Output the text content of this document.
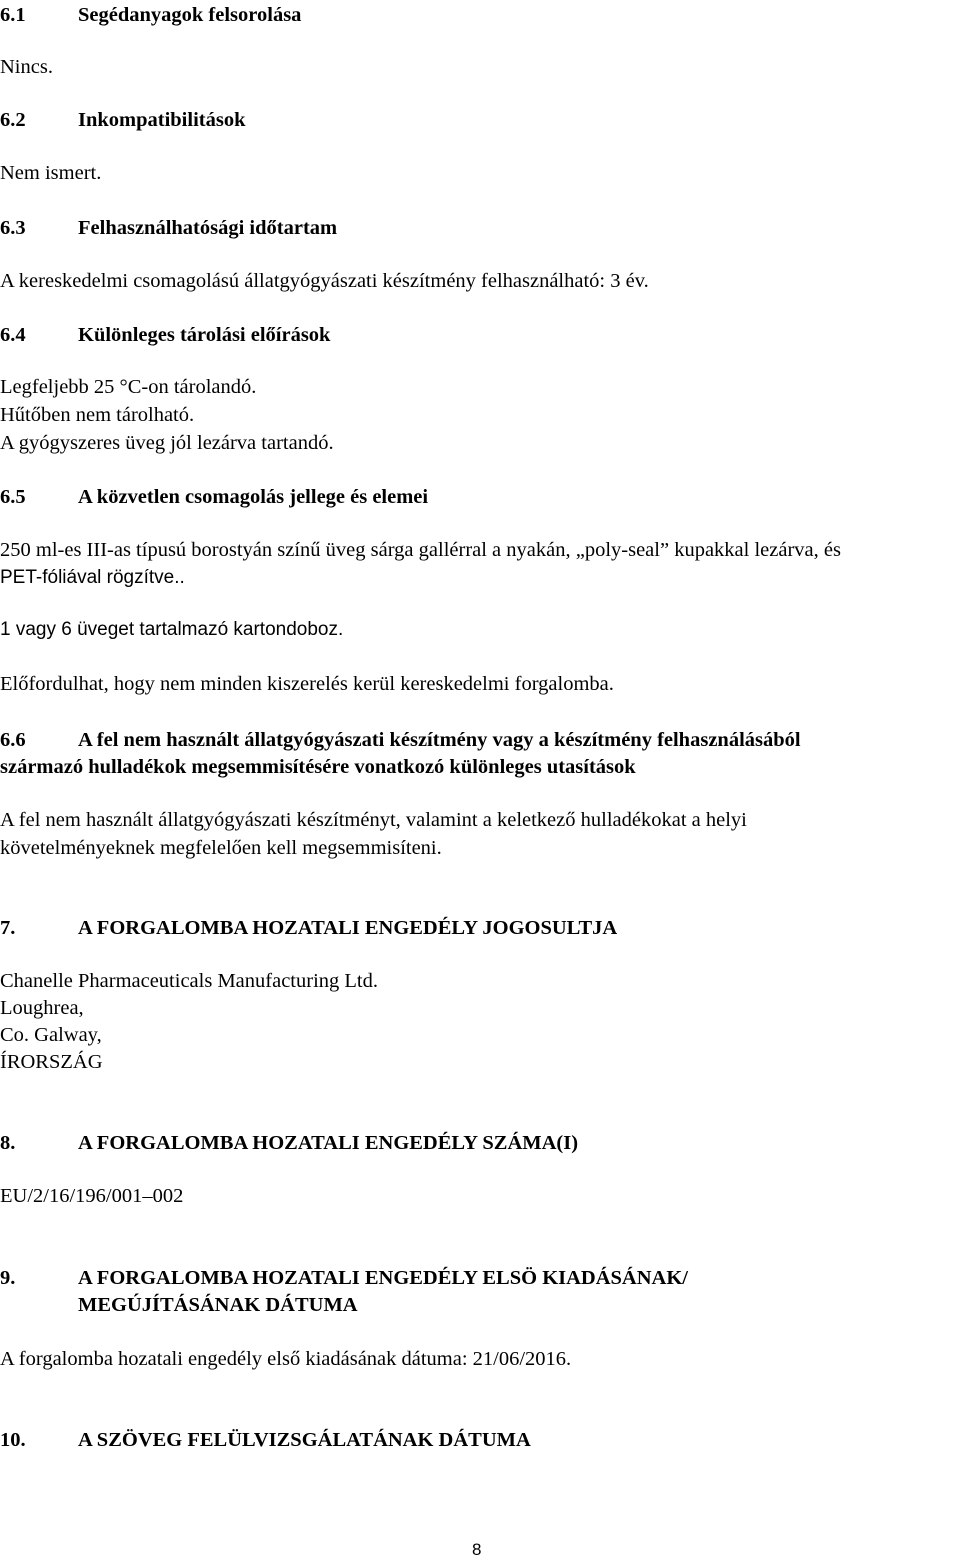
6.1	Segédanyagok felsorolása
Nincs.
6.2	Inkompatibilitások
Nem ismert.
6.3	Felhasználhatósági időtartam
A kereskedelmi csomagolású állatgyógyászati készítmény felhasználható: 3 év.
6.4	Különleges tárolási előírások
Legfeljebb 25 °C-on tárolandó.
Hűtőben nem tárolható.
A gyógyszeres üveg jól lezárva tartandó.
6.5	A közvetlen csomagolás jellege és elemei
250 ml-es III-as típusú borostyán színű üveg sárga gallérral a nyakán, „poly-seal” kupakkal lezárva, és
PET-fóliával rögzítve..
1 vagy 6 üveget tartalmazó kartondoboz.
Előfordulhat, hogy nem minden kiszerelés kerül kereskedelmi forgalomba.
6.6	A fel nem használt állatgyógyászati készítmény vagy a készítmény felhasználásából
származó hulladékok megsemmisítésére vonatkozó különleges utasítások
A fel nem használt állatgyógyászati készítményt, valamint a keletkező hulladékokat a helyi
követelményeknek megfelelően kell megsemmisíteni.
7.	A FORGALOMBA HOZATALI ENGEDÉLY JOGOSULTJA
Chanelle Pharmaceuticals Manufacturing Ltd.
Loughrea,
Co. Galway,
ÍRORSZÁG
8.	A FORGALOMBA HOZATALI ENGEDÉLY SZÁMA(I)
EU/2/16/196/001–002
9.	A FORGALOMBA HOZATALI ENGEDÉLY ELSÖ KIADÁSÁNAK/
MEGÚJÍTÁSÁNAK DÁTUMA
A forgalomba hozatali engedély első kiadásának dátuma: 21/06/2016.
10.	A SZÖVEG FELÜLVIZSGÁLATÁNAK DÁTUMA
8
